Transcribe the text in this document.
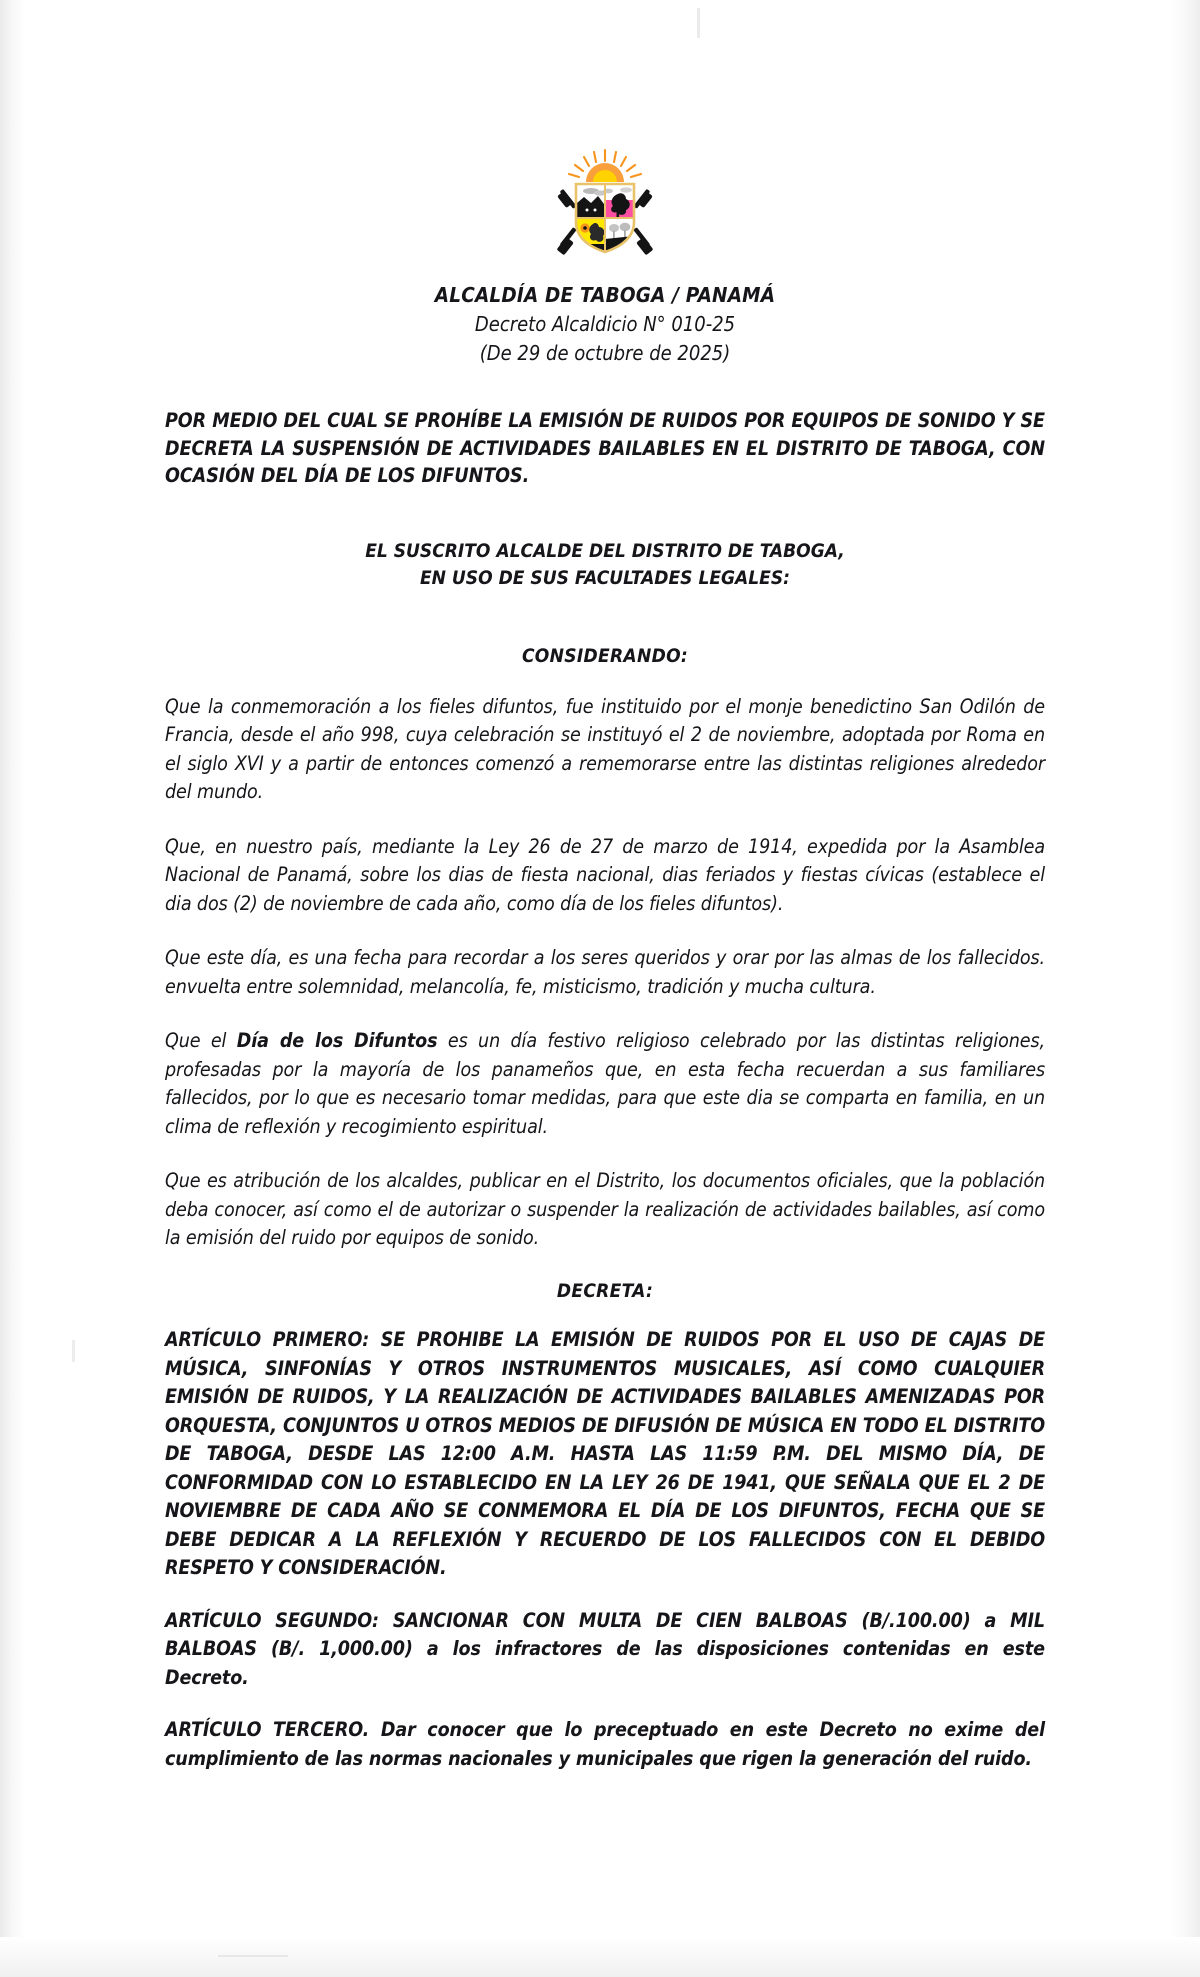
ALCALDÍA DE TABOGA / PANAMÁ
Decreto Alcaldicio N° 010-25
(De 29 de octubre de 2025)
POR MEDIO DEL CUAL SE PROHÍBE LA EMISIÓN DE RUIDOS POR EQUIPOS DE SONIDO Y SE DECRETA LA SUSPENSIÓN DE ACTIVIDADES BAILABLES EN EL DISTRITO DE TABOGA, CON OCASIÓN DEL DÍA DE LOS DIFUNTOS.
EL SUSCRITO ALCALDE DEL DISTRITO DE TABOGA,
EN USO DE SUS FACULTADES LEGALES:
CONSIDERANDO:

Que la conmemoración a los fieles difuntos, fue instituido por el monje benedictino San Odilón de Francia, desde el año 998, cuya celebración se instituyó el 2 de noviembre, adoptada por Roma en el siglo XVI y a partir de entonces comenzó a rememorarse entre las distintas religiones alrededor del mundo.

Que, en nuestro país, mediante la Ley 26 de 27 de marzo de 1914, expedida por la Asamblea Nacional de Panamá, sobre los dias de fiesta nacional, dias feriados y fiestas cívicas (establece el dia dos (2) de noviembre de cada año, como día de los fieles difuntos).

Que este día, es una fecha para recordar a los seres queridos y orar por las almas de los fallecidos. envuelta entre solemnidad, melancolía, fe, misticismo, tradición y mucha cultura.

Que el Día de los Difuntos es un día festivo religioso celebrado por las distintas religiones, profesadas por la mayoría de los panameños que, en esta fecha recuerdan a sus familiares fallecidos, por lo que es necesario tomar medidas, para que este dia se comparta en familia, en un clima de reflexión y recogimiento espiritual.

Que es atribución de los alcaldes, publicar en el Distrito, los documentos oficiales, que la población deba conocer, así como el de autorizar o suspender la realización de actividades bailables, así como la emisión del ruido por equipos de sonido.

DECRETA:

ARTÍCULO PRIMERO: SE PROHIBE LA EMISIÓN DE RUIDOS POR EL USO DE CAJAS DE MÚSICA, SINFONÍAS Y OTROS INSTRUMENTOS MUSICALES, ASÍ COMO CUALQUIER EMISIÓN DE RUIDOS, Y LA REALIZACIÓN DE ACTIVIDADES BAILABLES AMENIZADAS POR ORQUESTA, CONJUNTOS U OTROS MEDIOS DE DIFUSIÓN DE MÚSICA EN TODO EL DISTRITO DE TABOGA, DESDE LAS 12:00 A.M. HASTA LAS 11:59 P.M. DEL MISMO DÍA, DE CONFORMIDAD CON LO ESTABLECIDO EN LA LEY 26 DE 1941, QUE SEÑALA QUE EL 2 DE NOVIEMBRE DE CADA AÑO SE CONMEMORA EL DÍA DE LOS DIFUNTOS, FECHA QUE SE DEBE DEDICAR A LA REFLEXIÓN Y RECUERDO DE LOS FALLECIDOS CON EL DEBIDO RESPETO Y CONSIDERACIÓN.

ARTÍCULO SEGUNDO: SANCIONAR CON MULTA DE CIEN BALBOAS (B/.100.00) a MIL BALBOAS (B/. 1,000.00) a los infractores de las disposiciones contenidas en este Decreto.

ARTÍCULO TERCERO. Dar conocer que lo preceptuado en este Decreto no exime del cumplimiento de las normas nacionales y municipales que rigen la generación del ruido.
